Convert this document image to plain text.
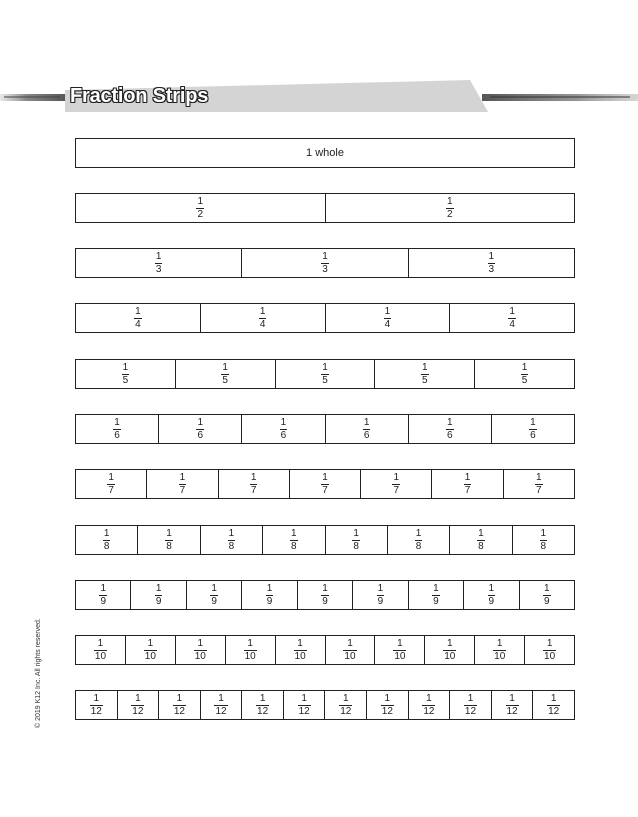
Fraction Strips
© 2019 K12 Inc. All rights reserved.
1 whole
$\frac{1}{2}$	$\frac{1}{2}$
$\frac{1}{3}$	$\frac{1}{3}$	$\frac{1}{3}$
$\frac{1}{4}$	$\frac{1}{4}$	$\frac{1}{4}$	$\frac{1}{4}$
$\frac{1}{5}$	$\frac{1}{5}$	$\frac{1}{5}$	$\frac{1}{5}$	$\frac{1}{5}$
$\frac{1}{6}$	$\frac{1}{6}$	$\frac{1}{6}$	$\frac{1}{6}$	$\frac{1}{6}$	$\frac{1}{6}$
$\frac{1}{7}$	$\frac{1}{7}$	$\frac{1}{7}$	$\frac{1}{7}$	$\frac{1}{7}$	$\frac{1}{7}$	$\frac{1}{7}$
$\frac{1}{8}$	$\frac{1}{8}$	$\frac{1}{8}$	$\frac{1}{8}$	$\frac{1}{8}$	$\frac{1}{8}$	$\frac{1}{8}$	$\frac{1}{8}$
$\frac{1}{9}$	$\frac{1}{9}$	$\frac{1}{9}$	$\frac{1}{9}$	$\frac{1}{9}$	$\frac{1}{9}$	$\frac{1}{9}$	$\frac{1}{9}$	$\frac{1}{9}$
$\frac{1}{10}$	$\frac{1}{10}$	$\frac{1}{10}$	$\frac{1}{10}$	$\frac{1}{10}$	$\frac{1}{10}$	$\frac{1}{10}$	$\frac{1}{10}$	$\frac{1}{10}$	$\frac{1}{10}$
$\frac{1}{12}$	$\frac{1}{12}$	$\frac{1}{12}$	$\frac{1}{12}$	$\frac{1}{12}$	$\frac{1}{12}$	$\frac{1}{12}$	$\frac{1}{12}$	$\frac{1}{12}$	$\frac{1}{12}$	$\frac{1}{12}$	$\frac{1}{12}$
